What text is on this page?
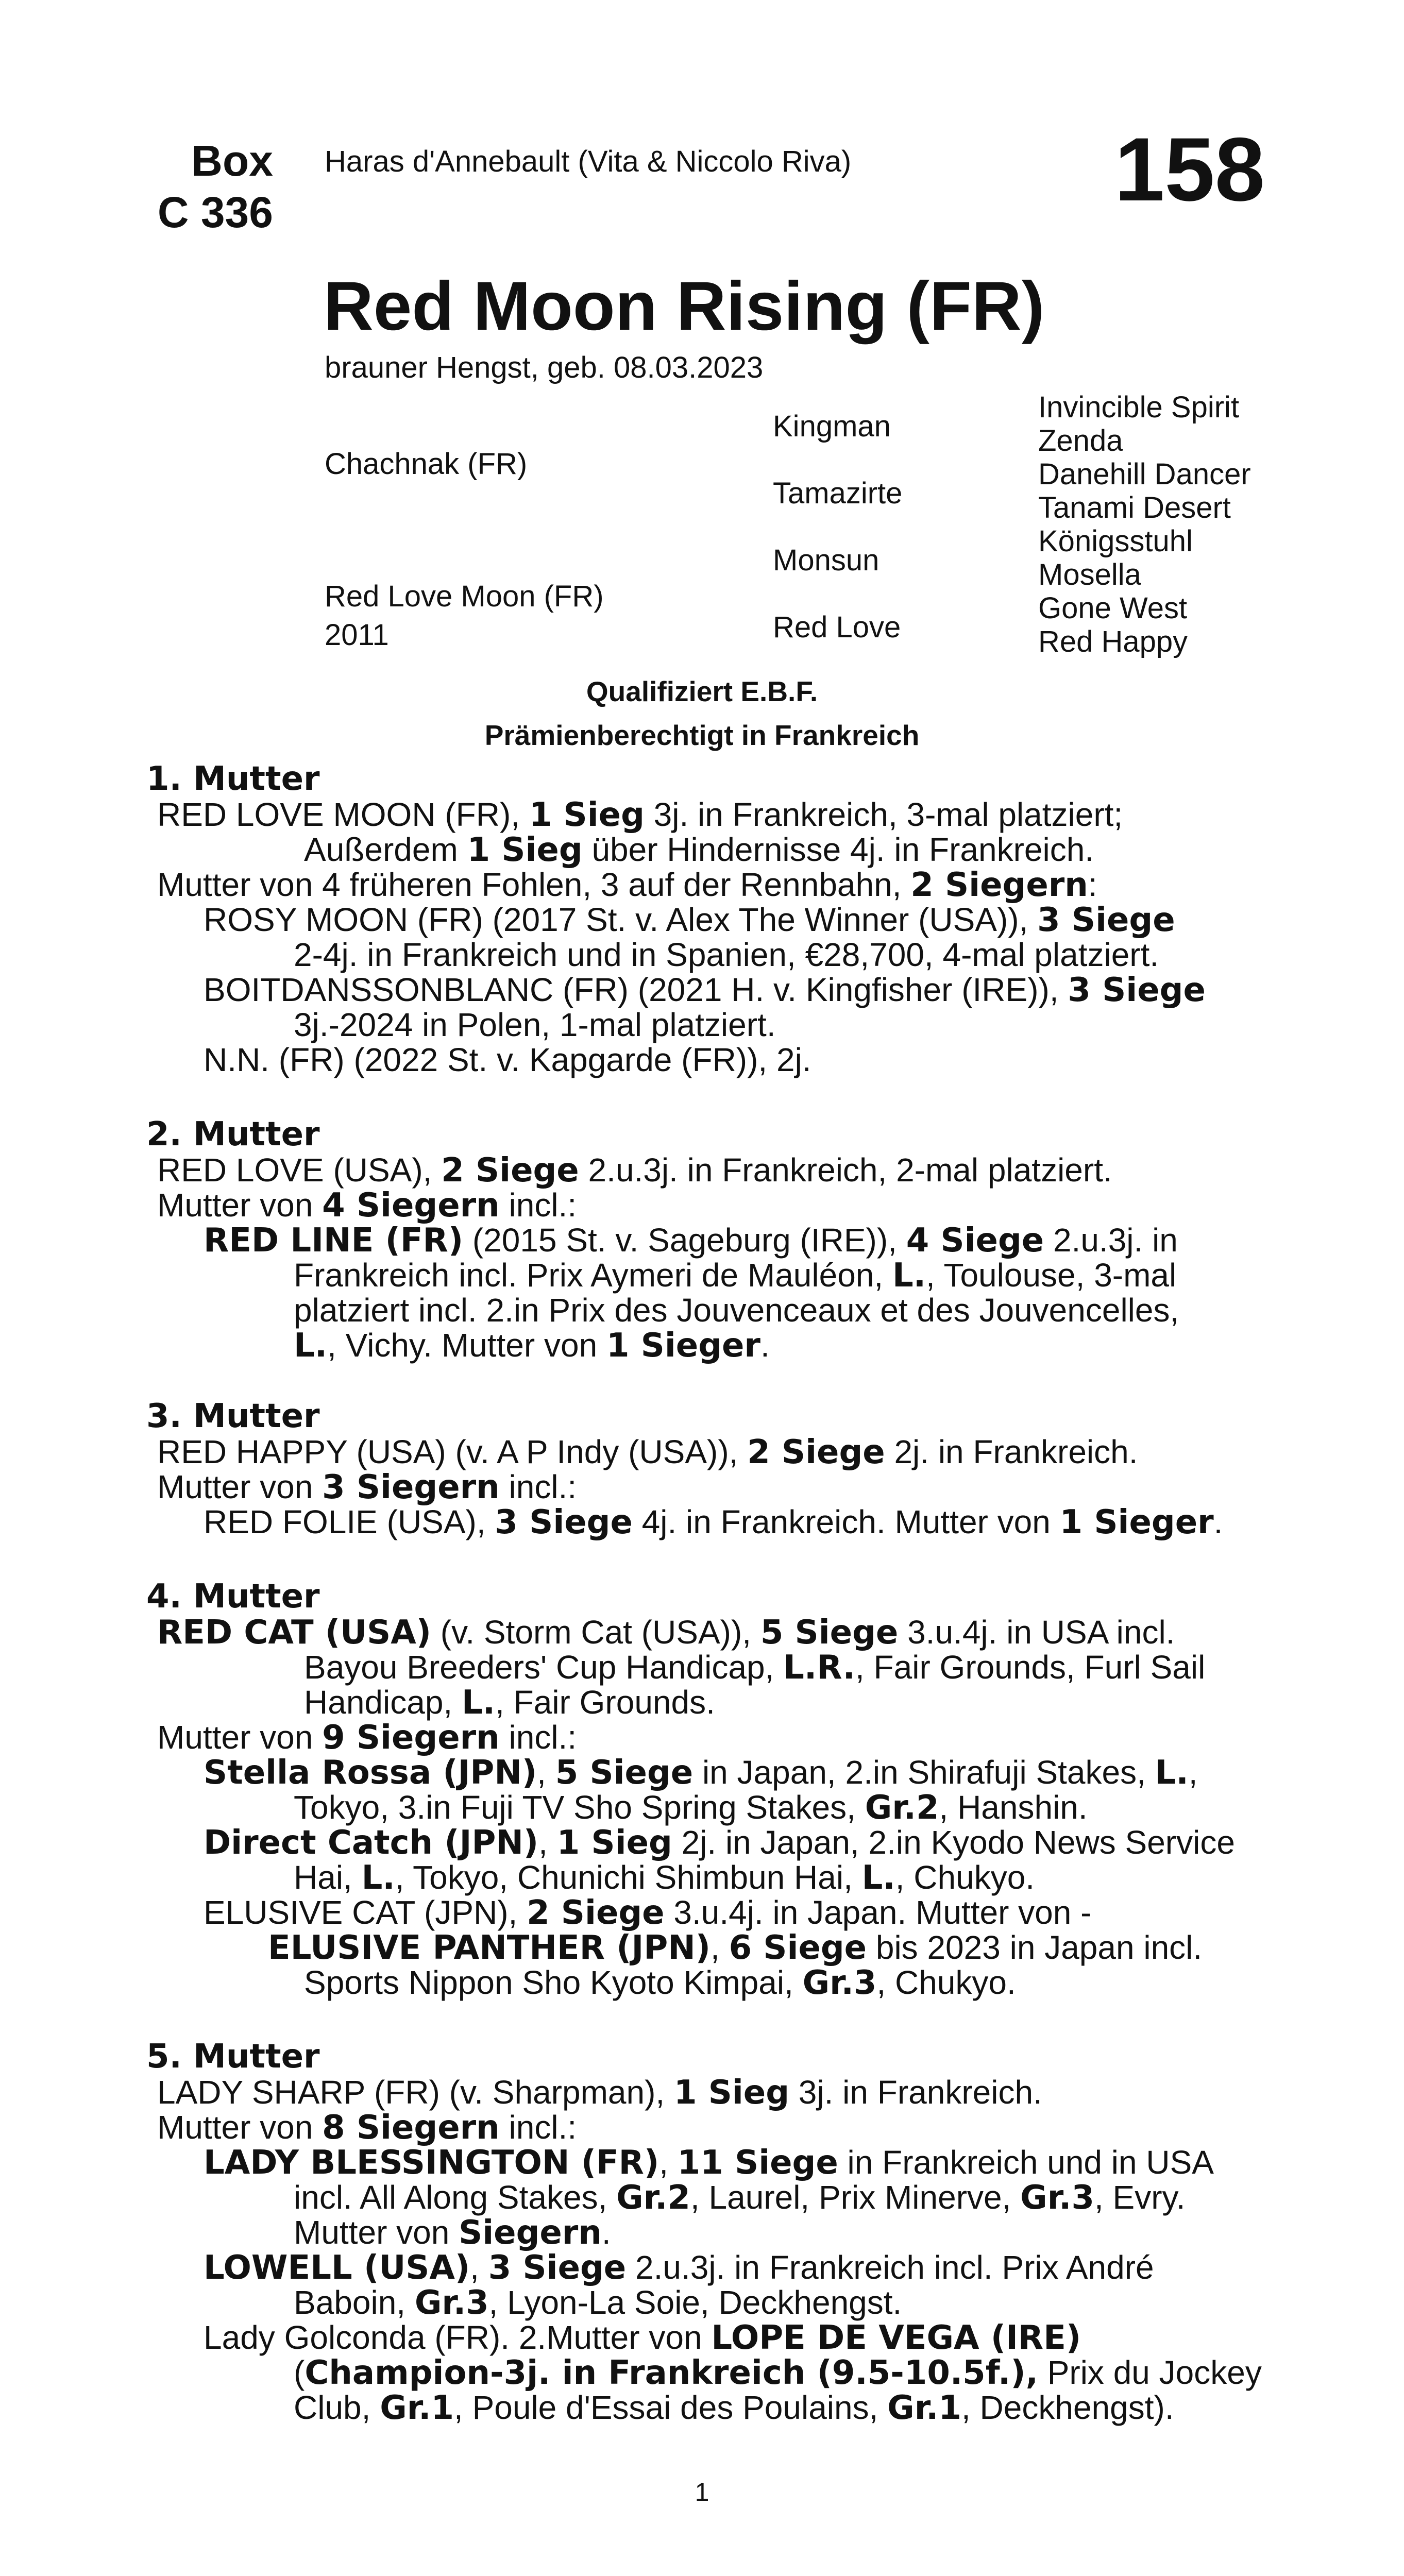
Box
C 336
Haras d'Annebault (Vita & Niccolo Riva)	158
Red Moon Rising (FR)
brauner Hengst, geb. 08.03.2023
Chachnak (FR)
Red Love Moon (FR)
2011
Kingman
Tamazirte
Monsun
Red Love
Invincible Spirit
Zenda
Danehill Dancer
Tanami Desert
Königsstuhl
Mosella
Gone West
Red Happy
Qualifiziert E.B.F.
Prämienberechtigt in Frankreich
1. Mutter
RED LOVE MOON (FR), 1 Sieg 3j. in Frankreich, 3-mal platziert;
Außerdem 1 Sieg über Hindernisse 4j. in Frankreich.
Mutter von 4 früheren Fohlen, 3 auf der Rennbahn, 2 Siegern:
ROSY MOON (FR) (2017 St. v. Alex The Winner (USA)), 3 Siege
2-4j. in Frankreich und in Spanien, €28,700, 4-mal platziert.
BOITDANSSONBLANC (FR) (2021 H. v. Kingfisher (IRE)), 3 Siege
3j.-2024 in Polen, 1-mal platziert.
N.N. (FR) (2022 St. v. Kapgarde (FR)), 2j.
2. Mutter
RED LOVE (USA), 2 Siege 2.u.3j. in Frankreich, 2-mal platziert.
Mutter von 4 Siegern incl.:
RED LINE (FR) (2015 St. v. Sageburg (IRE)), 4 Siege 2.u.3j. in
Frankreich incl. Prix Aymeri de Mauléon, L., Toulouse, 3-mal
platziert incl. 2.in Prix des Jouvenceaux et des Jouvencelles,
L., Vichy. Mutter von 1 Sieger.
3. Mutter
RED HAPPY (USA) (v. A P Indy (USA)), 2 Siege 2j. in Frankreich.
Mutter von 3 Siegern incl.:
RED FOLIE (USA), 3 Siege 4j. in Frankreich. Mutter von 1 Sieger.
4. Mutter
RED CAT (USA) (v. Storm Cat (USA)), 5 Siege 3.u.4j. in USA incl.
Bayou Breeders' Cup Handicap, L.R., Fair Grounds, Furl Sail
Handicap, L., Fair Grounds.
Mutter von 9 Siegern incl.:
Stella Rossa (JPN), 5 Siege in Japan, 2.in Shirafuji Stakes, L.,
Tokyo, 3.in Fuji TV Sho Spring Stakes, Gr.2, Hanshin.
Direct Catch (JPN), 1 Sieg 2j. in Japan, 2.in Kyodo News Service
Hai, L., Tokyo, Chunichi Shimbun Hai, L., Chukyo.
ELUSIVE CAT (JPN), 2 Siege 3.u.4j. in Japan. Mutter von -
ELUSIVE PANTHER (JPN), 6 Siege bis 2023 in Japan incl.
Sports Nippon Sho Kyoto Kimpai, Gr.3, Chukyo.
5. Mutter
LADY SHARP (FR) (v. Sharpman), 1 Sieg 3j. in Frankreich.
Mutter von 8 Siegern incl.:
LADY BLESSINGTON (FR), 11 Siege in Frankreich und in USA
incl. All Along Stakes, Gr.2, Laurel, Prix Minerve, Gr.3, Evry.
Mutter von Siegern.
LOWELL (USA), 3 Siege 2.u.3j. in Frankreich incl. Prix André
Baboin, Gr.3, Lyon-La Soie, Deckhengst.
Lady Golconda (FR). 2.Mutter von LOPE DE VEGA (IRE)
(Champion-3j. in Frankreich (9.5-10.5f.), Prix du Jockey
Club, Gr.1, Poule d'Essai des Poulains, Gr.1, Deckhengst).
1
